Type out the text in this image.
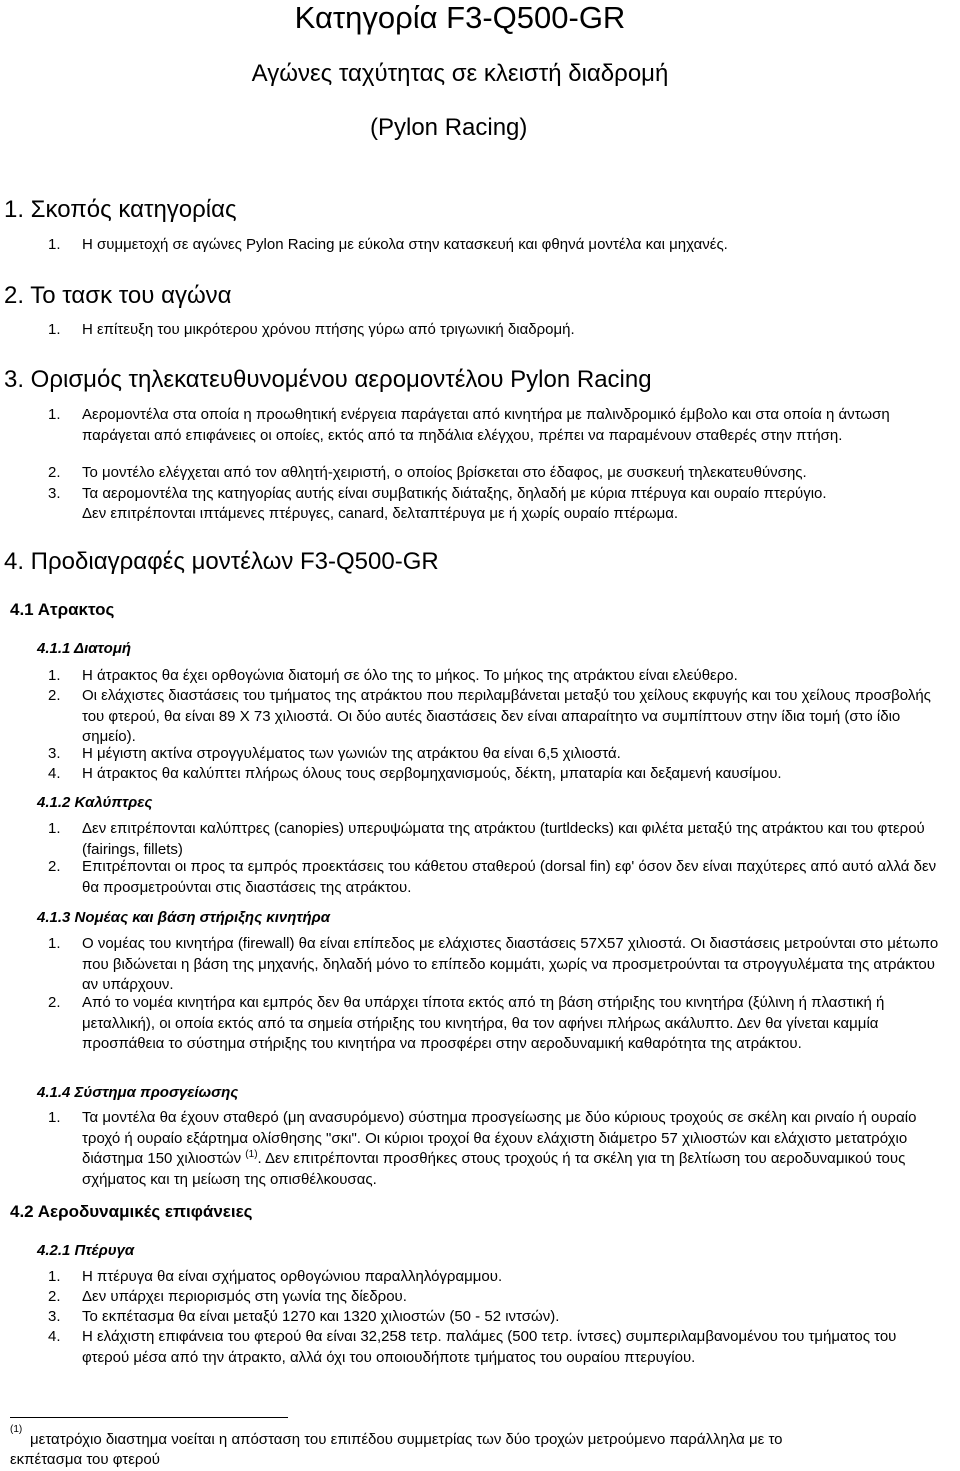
Κατηγορία F3-Q500-GR
Αγώνες ταχύτητας σε κλειστή διαδρομή
(Pylon Racing)
1. Σκοπός κατηγορίας

1. Η συμμετοχή σε αγώνες Pylon Racing με εύκολα στην κατασκευή και φθηνά μοντέλα και μηχανές.

2. Το τασκ του αγώνα

1. Η επίτευξη του μικρότερου χρόνου πτήσης γύρω από τριγωνική διαδρομή.

3. Ορισμός τηλεκατευθυνομένου αερομοντέλου Pylon Racing

1. Αερομοντέλα στα οποία η προωθητική ενέργεια παράγεται από κινητήρα με παλινδρομικό έμβολο και στα οποία η άντωση παράγεται από επιφάνειες οι οποίες, εκτός από τα πηδάλια ελέγχου, πρέπει να παραμένουν σταθερές στην πτήση.

2. Το μοντέλο ελέγχεται από τον αθλητή-χειριστή, ο οποίος βρίσκεται στο έδαφος, με συσκευή τηλεκατευθύνσης.

3. Τα αερομοντέλα της κατηγορίας αυτής είναι συμβατικής διάταξης, δηλαδή με κύρια πτέρυγα και ουραίο πτερύγιο.

Δεν επιτρέπονται ιπτάμενες πτέρυγες, canard, δελταπτέρυγα με ή χωρίς ουραίο πτέρωμα.

4. Προδιαγραφές μοντέλων F3-Q500-GR
4.1 Ατρακτος
4.1.1 Διατομή

1. Η άτρακτος θα έχει ορθογώνια διατομή σε όλο της το μήκος. Το μήκος της ατράκτου είναι ελεύθερο.

2. Οι ελάχιστες διαστάσεις του τμήματος της ατράκτου που περιλαμβάνεται μεταξύ του χείλους εκφυγής και του χείλους προσβολής του φτερού, θα είναι 89 X 73 χιλιοστά. Οι δύο αυτές διαστάσεις δεν είναι απαραίτητο να συμπίπτουν στην ίδια τομή (στο ίδιο σημείο).

3. Η μέγιστη ακτίνα στρογγυλέματος των γωνιών της ατράκτου θα είναι 6,5 χιλιοστά.

4. Η άτρακτος θα καλύπτει πλήρως όλους τους σερβομηχανισμούς, δέκτη, μπαταρία και δεξαμενή καυσίμου.

4.1.2 Καλύπτρες

1. Δεν επιτρέπονται καλύπτρες (canopies) υπερυψώματα της ατράκτου (turtldecks) και φιλέτα μεταξύ της ατράκτου και του φτερού (fairings, fillets)

2. Επιτρέπονται οι προς τα εμπρός προεκτάσεις του κάθετου σταθερού (dorsal fin) εφ' όσον δεν είναι παχύτερες από αυτό αλλά δεν θα προσμετρούνται στις διαστάσεις της ατράκτου.

4.1.3 Νομέας και βάση στήριξης κινητήρα

1. Ο νομέας του κινητήρα (firewall) θα είναι επίπεδος με ελάχιστες διαστάσεις 57X57 χιλιοστά. Οι διαστάσεις μετρούνται στο μέτωπο που βιδώνεται η βάση της μηχανής, δηλαδή μόνο το επίπεδο κομμάτι, χωρίς να προσμετρούνται τα στρογγυλέματα της ατράκτου αν υπάρχουν.

2. Από το νομέα κινητήρα και εμπρός δεν θα υπάρχει τίποτα εκτός από τη βάση στήριξης του κινητήρα (ξύλινη ή πλαστική ή μεταλλική), οι οποία εκτός από τα σημεία στήριξης του κινητήρα, θα τον αφήνει πλήρως ακάλυπτο. Δεν θα γίνεται καμμία προσπάθεια το σύστημα στήριξης του κινητήρα να προσφέρει στην αεροδυναμική καθαρότητα της ατράκτου.

4.1.4 Σύστημα προσγείωσης

1. Τα μοντέλα θα έχουν σταθερό (μη ανασυρόμενο) σύστημα προσγείωσης με δύο κύριους τροχούς σε σκέλη και ριναίο ή ουραίο τροχό ή ουραίο εξάρτημα ολίσθησης "σκι". Οι κύριοι τροχοί θα έχουν ελάχιστη διάμετρο 57 χιλιοστών και ελάχιστο μετατρόχιο διάστημα 150 χιλιοστών $^{(1)}$. Δεν επιτρέπονται προσθήκες στους τροχούς ή τα σκέλη για τη βελτίωση του αεροδυναμικού τους σχήματος και τη μείωση της οπισθέλκουσας.

4.2 Αεροδυναμικές επιφάνειες
4.2.1 Πτέρυγα

1. Η πτέρυγα θα είναι σχήματος ορθογώνιου παραλληλόγραμμου.

2. Δεν υπάρχει περιορισμός στη γωνία της δίεδρου.

3. Το εκπέτασμα θα είναι μεταξύ 1270 και 1320 χιλιοστών (50 - 52 ιντσών).

4. Η ελάχιστη επιφάνεια του φτερού θα είναι 32,258 τετρ. παλάμες (500 τετρ. ίντσες) συμπεριλαμβανομένου του τμήματος του φτερού μέσα από την άτρακτο, αλλά όχι του οποιουδήποτε τμήματος του ουραίου πτερυγίου.

(1)
μετατρόχιο διαστημα νοείται η απόσταση του επιπέδου συμμετρίας των δύο τροχών μετρούμενο παράλληλα με το
εκπέτασμα του φτερού
